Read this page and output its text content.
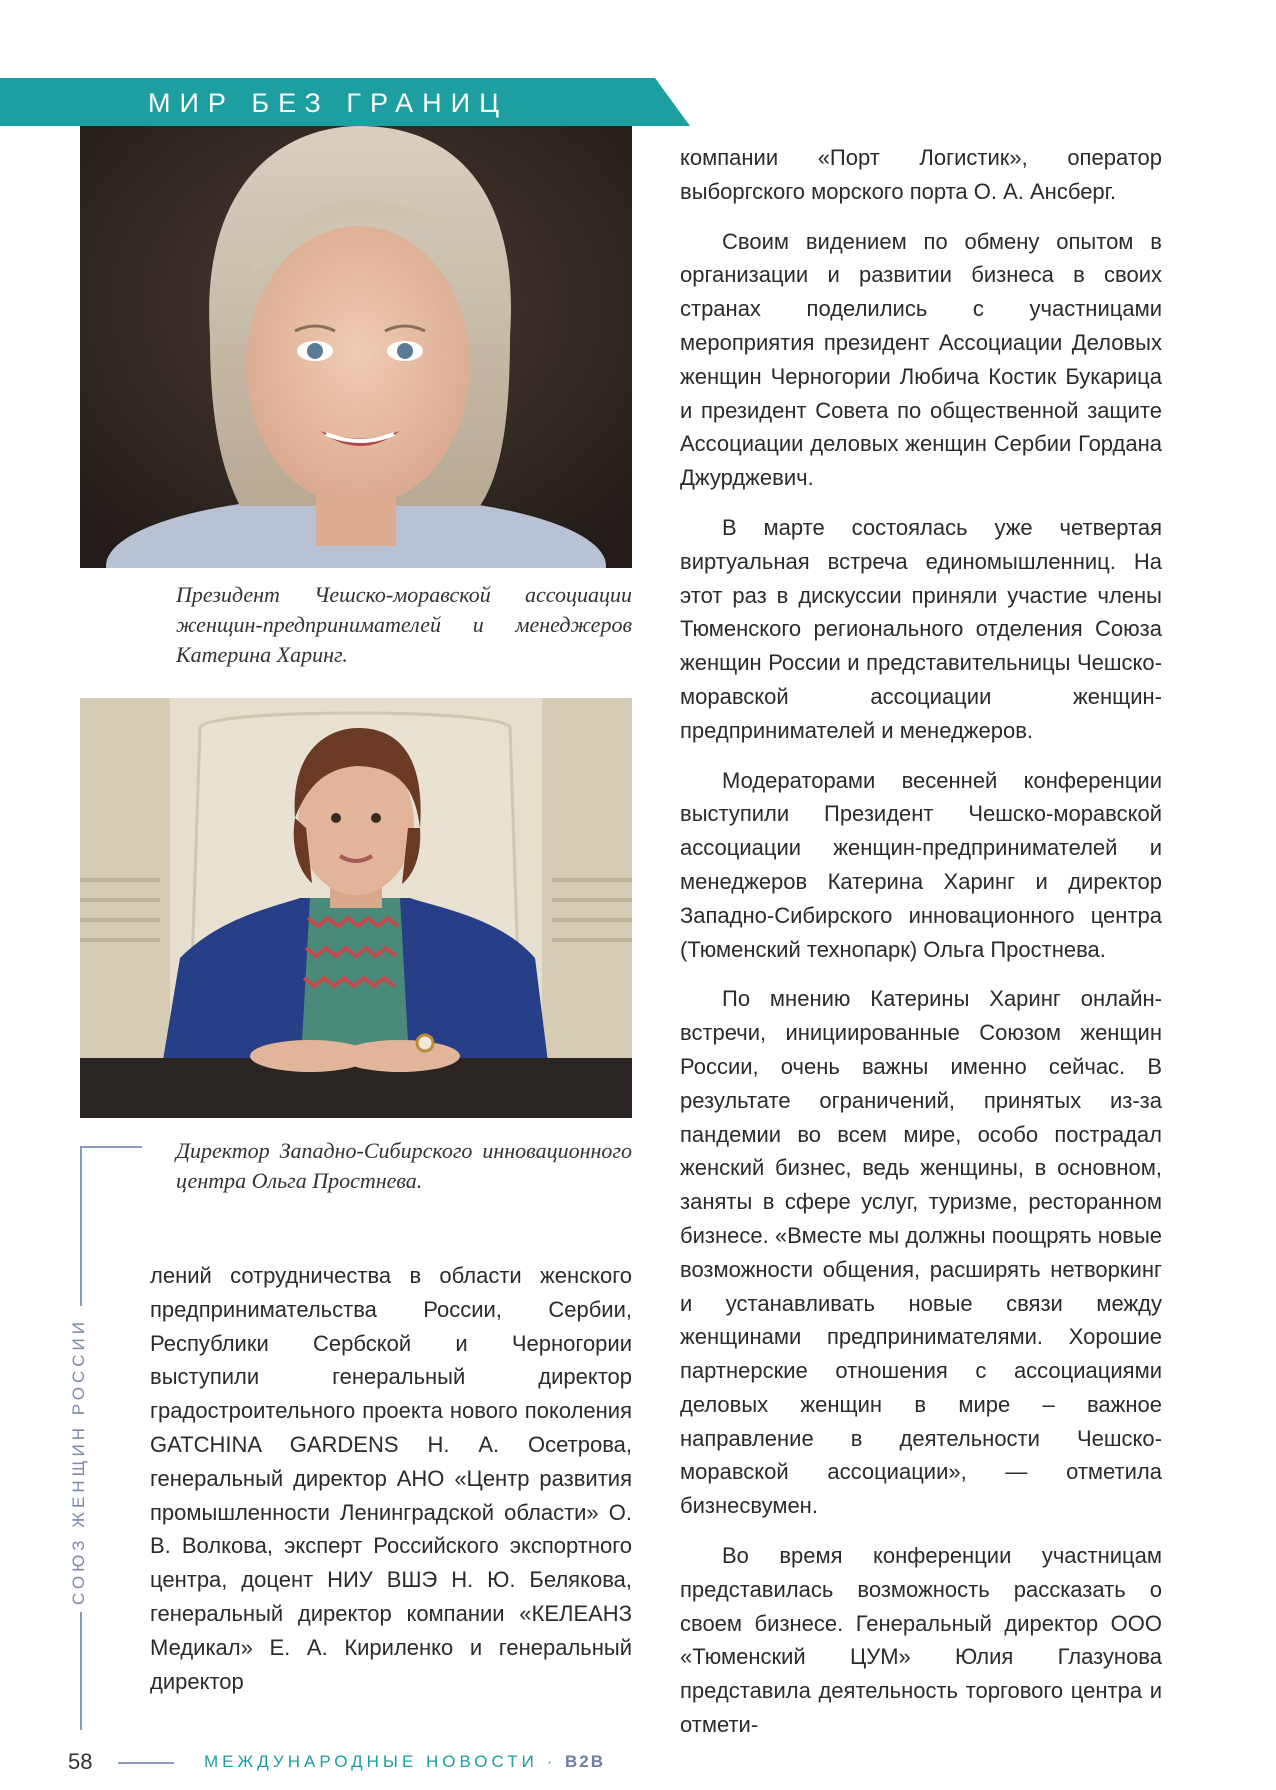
МИР БЕЗ ГРАНИЦ

Президент Чешско-моравской ассоциации женщин-предпринимателей и менеджеров Катерина Харинг.

Директор Западно-Сибирского инновационного центра Ольга Простнева.

СОЮЗ ЖЕНЩИН РОССИИ

лений сотрудничества в области женского предпринимательства России, Сербии, Республики Сербской и Черногории выступили генеральный директор градостроительного проекта нового поколения GATCHINA GARDENS Н. А. Осетрова, генеральный директор АНО «Центр развития промышленности Ленинградской области» О. В. Волкова, эксперт Российского экспортного центра, доцент НИУ ВШЭ Н. Ю. Белякова, генеральный директор компании «КЕЛЕАНЗ Медикал» Е. А. Кириленко и генеральный директор

компании «Порт Логистик», оператор выборгского морского порта О. А. Ансберг.

Своим видением по обмену опытом в организации и развитии бизнеса в своих странах поделились с участницами мероприятия президент Ассоциации Деловых женщин Черногории Любича Костик Букарица и президент Совета по общественной защите Ассоциации деловых женщин Сербии Гордана Джурджевич.

В марте состоялась уже четвертая виртуальная встреча единомышленниц. На этот раз в дискуссии приняли участие члены Тюменского регионального отделения Союза женщин России и представительницы Чешско-моравской ассоциации женщин-предпринимателей и менеджеров.

Модераторами весенней конференции выступили Президент Чешско-моравской ассоциации женщин-предпринимателей и менеджеров Катерина Харинг и директор Западно-Сибирского инновационного центра (Тюменский технопарк) Ольга Простнева.

По мнению Катерины Харинг онлайн-встречи, инициированные Союзом женщин России, очень важны именно сейчас. В результате ограничений, принятых из-за пандемии во всем мире, особо пострадал женский бизнес, ведь женщины, в основном, заняты в сфере услуг, туризме, ресторанном бизнесе. «Вместе мы должны поощрять новые возможности общения, расширять нетворкинг и устанавливать новые связи между женщинами предпринимателями. Хорошие партнерские отношения с ассоциациями деловых женщин в мире – важное направление в деятельности Чешско-моравской ассоциации», — отметила бизнесвумен.

Во время конференции участницам представилась возможность рассказать о своем бизнесе. Генеральный директор ООО «Тюменский ЦУМ» Юлия Глазунова представила деятельность торгового центра и отмети-

58	МЕЖДУНАРОДНЫЕ НОВОСТИ · B2B
